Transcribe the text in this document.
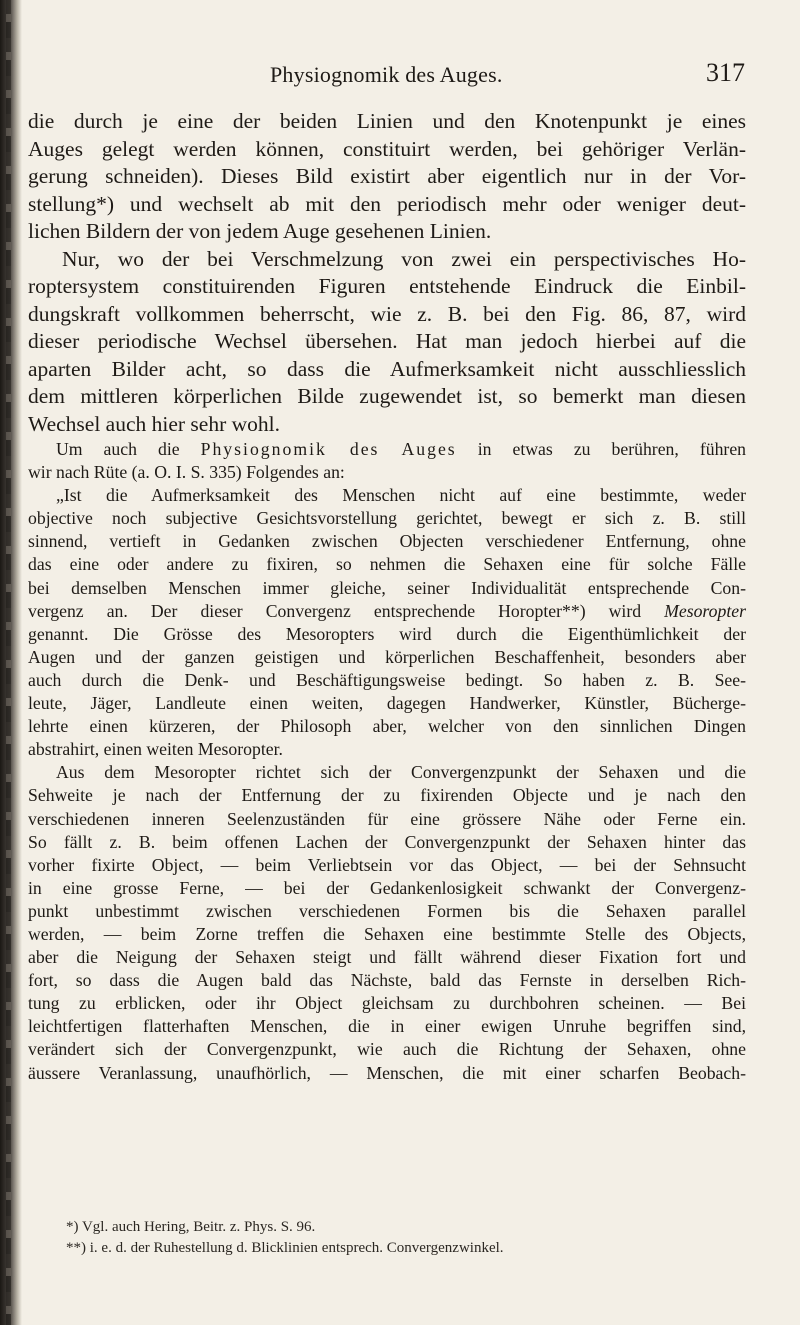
Physiognomik des Auges.	317
die durch je eine der beiden Linien und den Knotenpunkt je eines
Auges gelegt werden können, constituirt werden, bei gehöriger Verlän-
gerung schneiden). Dieses Bild existirt aber eigentlich nur in der Vor-
stellung*) und wechselt ab mit den periodisch mehr oder weniger deut-
lichen Bildern der von jedem Auge gesehenen Linien.
Nur, wo der bei Verschmelzung von zwei ein perspectivisches Ho-
roptersystem constituirenden Figuren entstehende Eindruck die Einbil-
dungskraft vollkommen beherrscht, wie z. B. bei den Fig. 86, 87, wird
dieser periodische Wechsel übersehen. Hat man jedoch hierbei auf die
aparten Bilder acht, so dass die Aufmerksamkeit nicht ausschliesslich
dem mittleren körperlichen Bilde zugewendet ist, so bemerkt man diesen
Wechsel auch hier sehr wohl.
Um auch die Physiognomik des Auges in etwas zu berühren, führen
wir nach Rüte (a. O. I. S. 335) Folgendes an:
„Ist die Aufmerksamkeit des Menschen nicht auf eine bestimmte, weder
objective noch subjective Gesichtsvorstellung gerichtet, bewegt er sich z. B. still
sinnend, vertieft in Gedanken zwischen Objecten verschiedener Entfernung, ohne
das eine oder andere zu fixiren, so nehmen die Sehaxen eine für solche Fälle
bei demselben Menschen immer gleiche, seiner Individualität entsprechende Con-
vergenz an. Der dieser Convergenz entsprechende Horopter**) wird Mesoropter
genannt. Die Grösse des Mesoropters wird durch die Eigenthümlichkeit der
Augen und der ganzen geistigen und körperlichen Beschaffenheit, besonders aber
auch durch die Denk- und Beschäftigungsweise bedingt. So haben z. B. See-
leute, Jäger, Landleute einen weiten, dagegen Handwerker, Künstler, Bücherge-
lehrte einen kürzeren, der Philosoph aber, welcher von den sinnlichen Dingen
abstrahirt, einen weiten Mesoropter.
Aus dem Mesoropter richtet sich der Convergenzpunkt der Sehaxen und die
Sehweite je nach der Entfernung der zu fixirenden Objecte und je nach den
verschiedenen inneren Seelenzuständen für eine grössere Nähe oder Ferne ein.
So fällt z. B. beim offenen Lachen der Convergenzpunkt der Sehaxen hinter das
vorher fixirte Object, — beim Verliebtsein vor das Object, — bei der Sehnsucht
in eine grosse Ferne, — bei der Gedankenlosigkeit schwankt der Convergenz-
punkt unbestimmt zwischen verschiedenen Formen bis die Sehaxen parallel
werden, — beim Zorne treffen die Sehaxen eine bestimmte Stelle des Objects,
aber die Neigung der Sehaxen steigt und fällt während dieser Fixation fort und
fort, so dass die Augen bald das Nächste, bald das Fernste in derselben Rich-
tung zu erblicken, oder ihr Object gleichsam zu durchbohren scheinen. — Bei
leichtfertigen flatterhaften Menschen, die in einer ewigen Unruhe begriffen sind,
verändert sich der Convergenzpunkt, wie auch die Richtung der Sehaxen, ohne
äussere Veranlassung, unaufhörlich, — Menschen, die mit einer scharfen Beobach-
*) Vgl. auch Hering, Beitr. z. Phys. S. 96.
**) i. e. d. der Ruhestellung d. Blicklinien entsprech. Convergenzwinkel.
